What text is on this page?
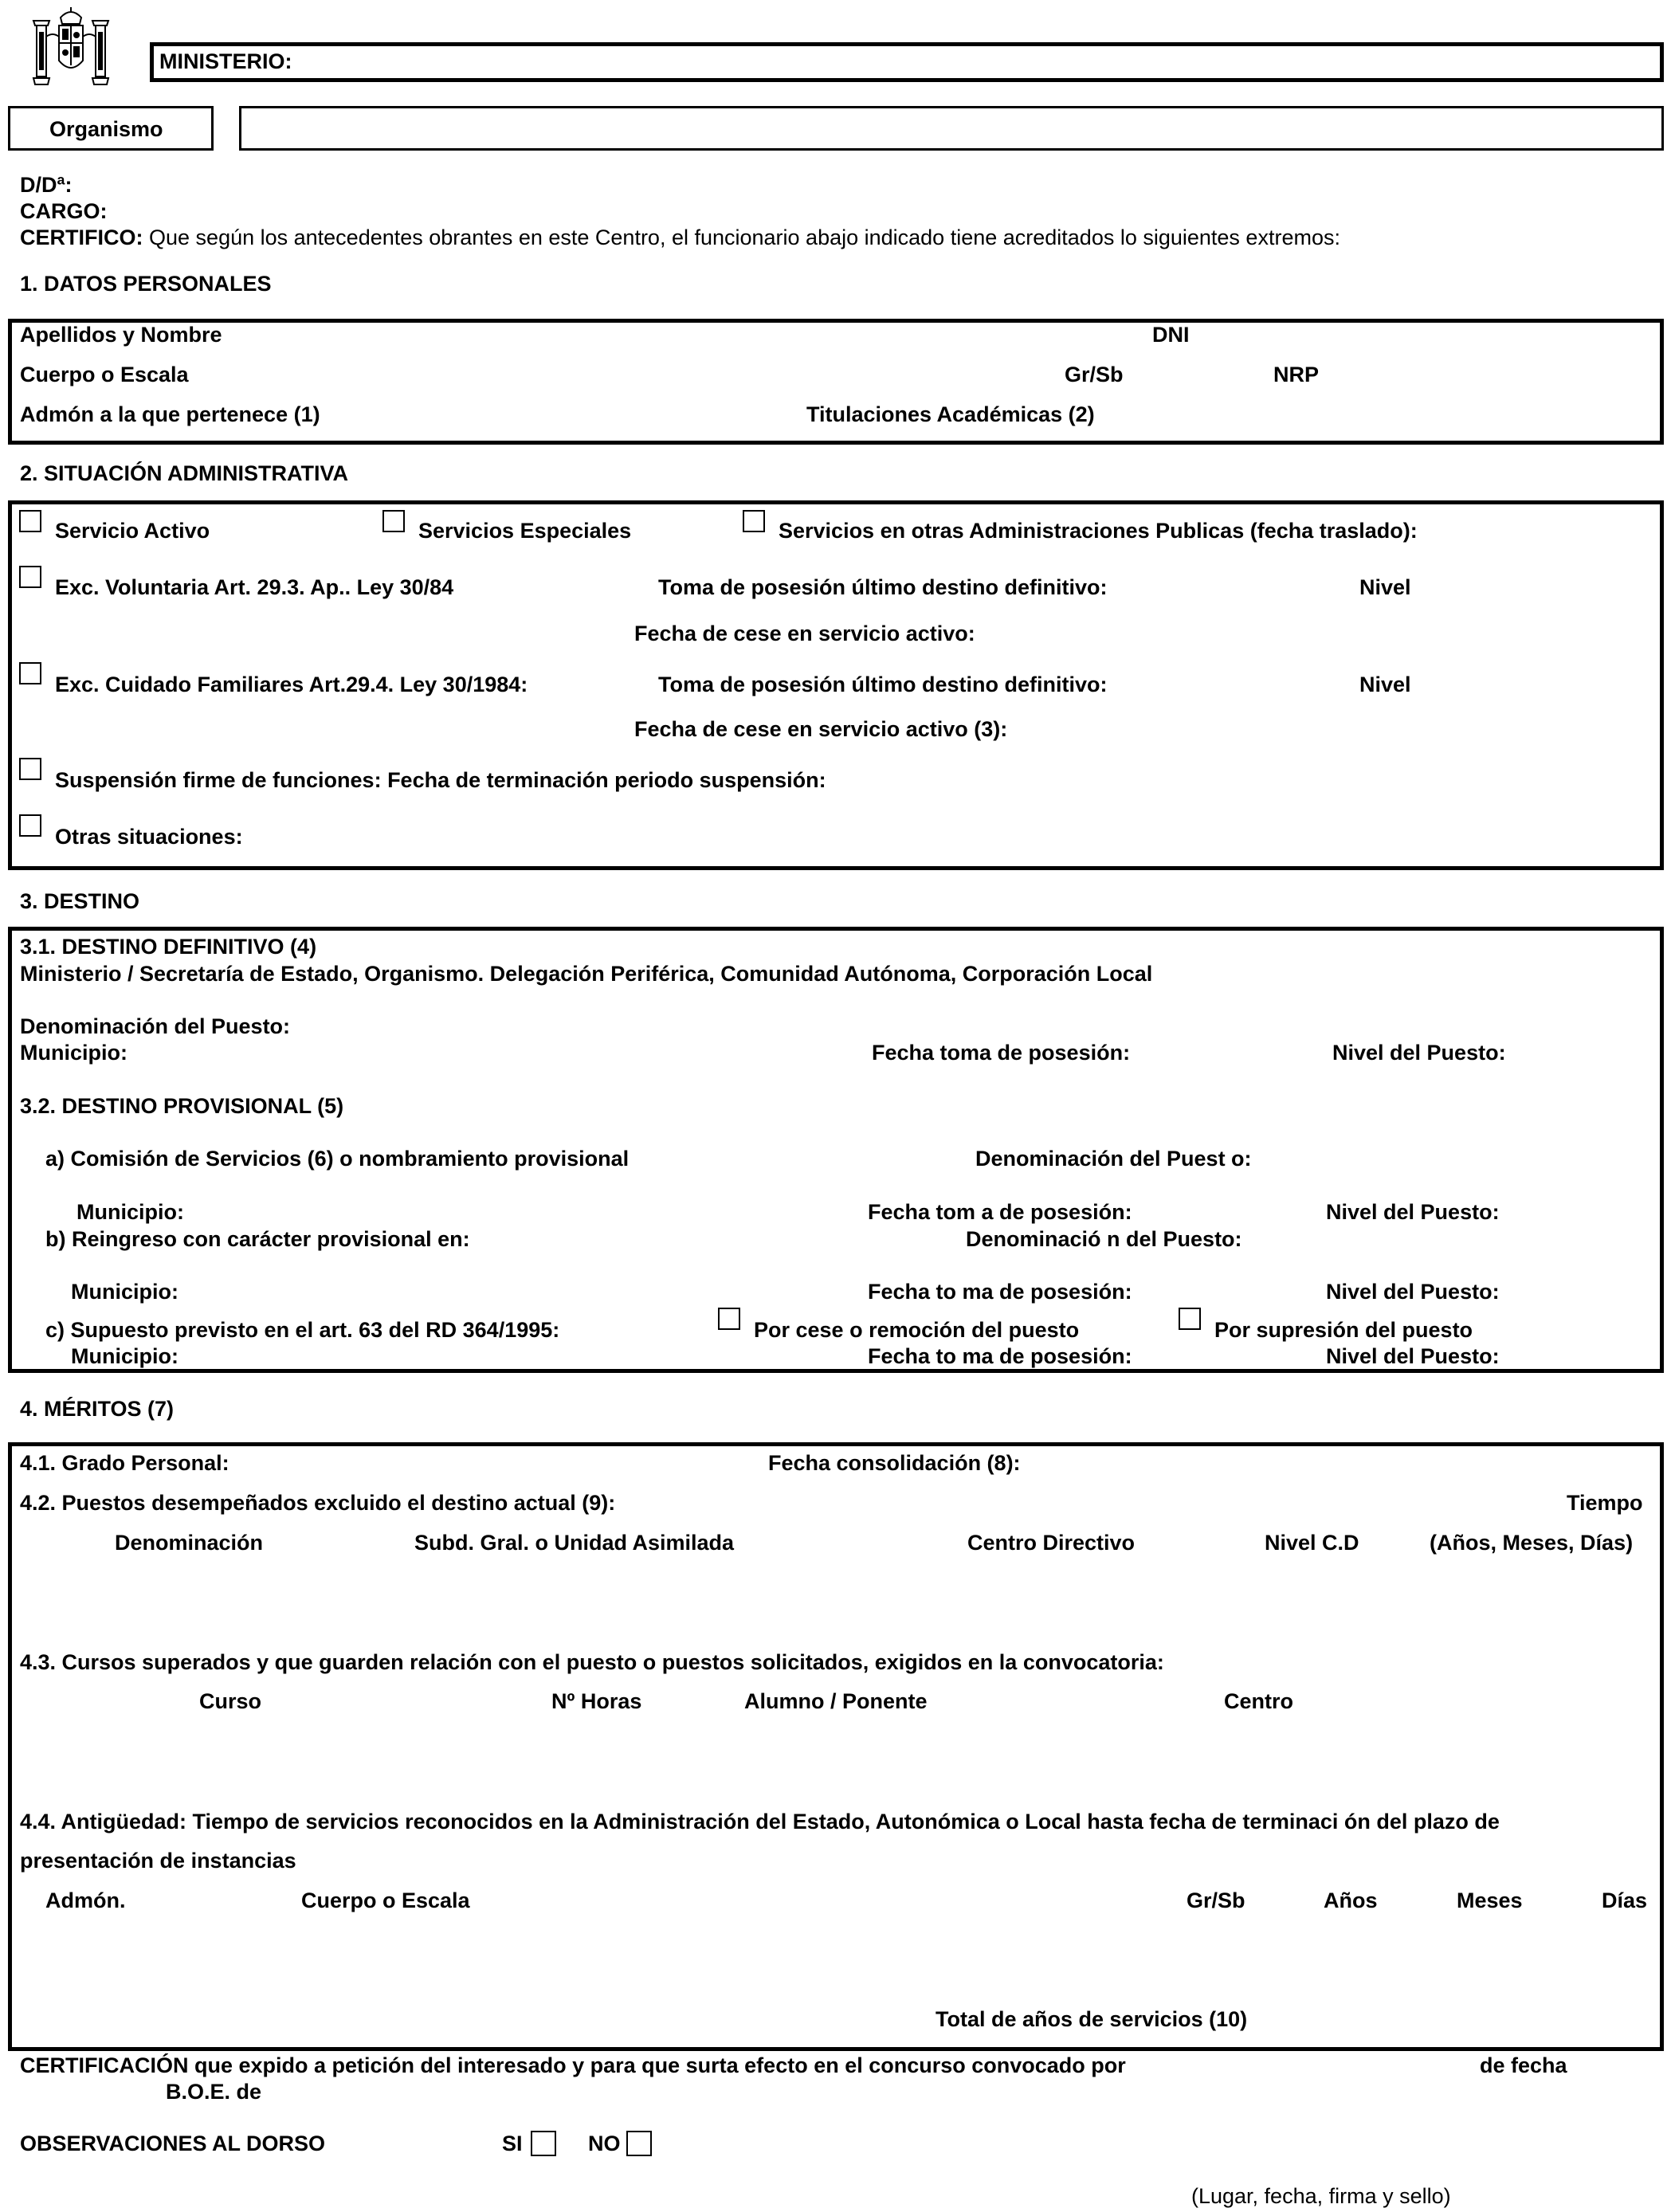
MINISTERIO:
Organismo
D/Dª:
CARGO:
CERTIFICO: Que según los antecedentes obrantes en este Centro, el funcionario abajo indicado tiene acreditados lo siguientes extremos:
1. DATOS PERSONALES
Apellidos y Nombre	DNI
Cuerpo o Escala	Gr/Sb	NRP
Admón a la que pertenece (1)	Titulaciones Académicas (2)
2. SITUACIÓN ADMINISTRATIVA
Servicio Activo	Servicios Especiales	Servicios en otras Administraciones Publicas (fecha traslado):
Exc. Voluntaria Art. 29.3. Ap.. Ley 30/84	Toma de posesión último destino definitivo:	Nivel
Fecha de cese en servicio activo:
Exc. Cuidado Familiares Art.29.4. Ley 30/1984:	Toma de posesión último destino definitivo:	Nivel
Fecha de cese en servicio activo (3):
Suspensión firme de funciones: Fecha de terminación periodo suspensión:
Otras situaciones:
3. DESTINO
3.1. DESTINO DEFINITIVO (4)
Ministerio / Secretaría de Estado, Organismo. Delegación Periférica, Comunidad Autónoma, Corporación Local
Denominación del Puesto:
Municipio:	Fecha toma de posesión:	Nivel del Puesto:
3.2. DESTINO PROVISIONAL (5)
a) Comisión de Servicios (6) o nombramiento provisional	Denominación del Puest o:
Municipio:	Fecha tom a de posesión:	Nivel del Puesto:
b) Reingreso con carácter provisional en:	Denominació n del Puesto:
Municipio:	Fecha to ma de posesión:	Nivel del Puesto:
c) Supuesto previsto en el art. 63 del RD 364/1995:	Por cese o remoción del puesto	Por supresión del puesto
Municipio:	Fecha to ma de posesión:	Nivel del Puesto:
4. MÉRITOS (7)
4.1. Grado Personal:	Fecha consolidación (8):
4.2. Puestos desempeñados excluido el destino actual (9):	Tiempo
Denominación	Subd. Gral. o Unidad Asimilada	Centro Directivo	Nivel C.D	(Años, Meses, Días)
4.3. Cursos superados y que guarden relación con el puesto o puestos solicitados, exigidos en la convocatoria:
Curso	Nº Horas	Alumno / Ponente	Centro
4.4. Antigüedad: Tiempo de servicios reconocidos en la Administración del Estado, Autonómica o Local hasta fecha de terminaci ón del plazo de
presentación de instancias
Admón.	Cuerpo o Escala	Gr/Sb	Años	Meses	Días
Total de años de servicios (10)
CERTIFICACIÓN que expido a petición del interesado y para que surta efecto en el concurso convocado por	de fecha
B.O.E. de
OBSERVACIONES AL DORSO	SI	NO
(Lugar, fecha, firma y sello)
